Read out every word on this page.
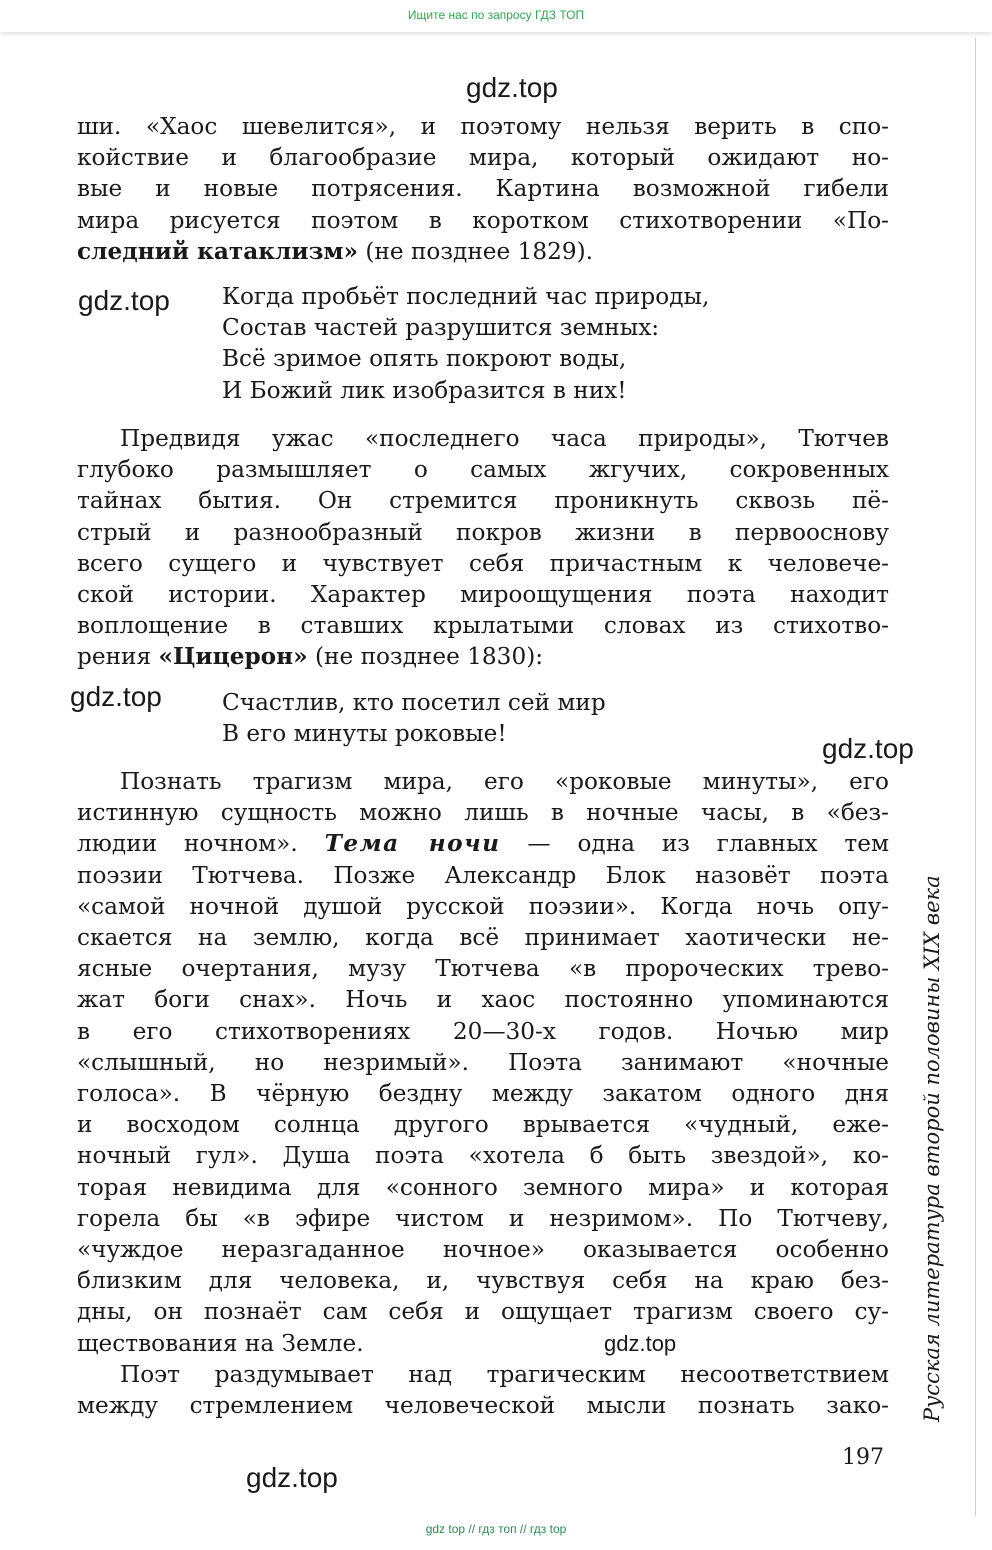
Ищите нас по запросу ГДЗ ТОП
gdz.top
ши. «Хаос шевелится», и поэтому нельзя верить в спо-
койствие и благообразие мира, который ожидают но-
вые и новые потрясения. Картина возможной гибели
мира рисуется поэтом в коротком стихотворении «По-
следний катаклизм» (не позднее 1829).
gdz.top Когда пробьёт последний час природы,
Состав частей разрушится земных:
Всё зримое опять покроют воды,
И Божий лик изобразится в них!
Предвидя ужас «последнего часа природы», Тютчев
глубоко размышляет о самых жгучих, сокровенных
тайнах бытия. Он стремится проникнуть сквозь пё-
стрый и разнообразный покров жизни в первооснову
всего сущего и чувствует себя причастным к человече-
ской истории. Характер мироощущения поэта находит
воплощение в ставших крылатыми словах из стихотво-
рения «Цицерон» (не позднее 1830):
gdz.top	Счастлив, кто посетил сей мир
В его минуты роковые!	gdz.top
Познать трагизм мира, его «роковые минуты», его
истинную сущность можно лишь в ночные часы, в «без-
людии ночном». Тема ночи — одна из главных тем
поэзии Тютчева. Позже Александр Блок назовёт поэта
«самой ночной душой русской поэзии». Когда ночь опу-
скается на землю, когда всё принимает хаотически не-
ясные очертания, музу Тютчева «в пророческих трево-
жат боги снах». Ночь и хаос постоянно упоминаются
в его стихотворениях 20—30-х годов. Ночью мир
«слышный, но незримый». Поэта занимают «ночные
голоса». В чёрную бездну между закатом одного дня
и восходом солнца другого врывается «чудный, еже-
ночный гул». Душа поэта «хотела б быть звездой», ко-
торая невидима для «сонного земного мира» и которая
горела бы «в эфире чистом и незримом». По Тютчеву,
«чуждое неразгаданное ночное» оказывается особенно
близким для человека, и, чувствуя себя на краю без-
дны, он познаёт сам себя и ощущает трагизм своего су-
ществования на Земле.	gdz.top
Поэт раздумывает над трагическим несоответствием
между стремлением человеческой мысли познать зако- Русская литература второй половины XIX века
197
gdz.top
gdz top // гдз топ // гдз top
